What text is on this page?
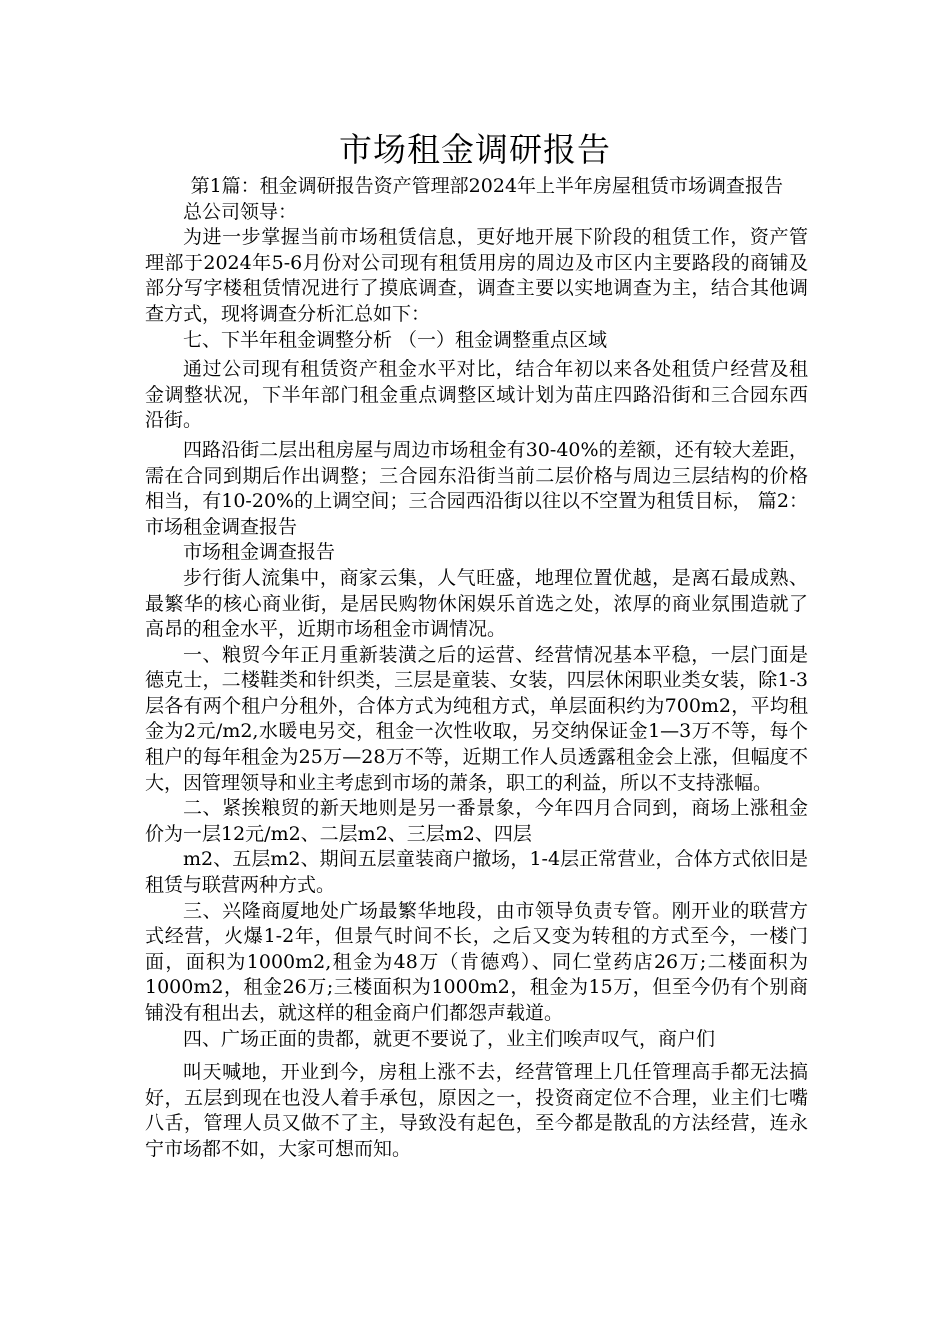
市场租金调研报告

第1篇：租金调研报告资产管理部2024年上半年房屋租赁市场调查报告

总公司领导：

为进一步掌握当前市场租赁信息，更好地开展下阶段的租赁工作，资产管理部于2024年5-6月份对公司现有租赁用房的周边及市区内主要路段的商铺及部分写字楼租赁情况进行了摸底调查，调查主要以实地调查为主，结合其他调查方式，现将调查分析汇总如下：

七、下半年租金调整分析 （一）租金调整重点区域

通过公司现有租赁资产租金水平对比，结合年初以来各处租赁户经营及租金调整状况，下半年部门租金重点调整区域计划为苗庄四路沿街和三合园东西沿街。

四路沿街二层出租房屋与周边市场租金有30-40%的差额，还有较大差距，需在合同到期后作出调整；三合园东沿街当前二层价格与周边三层结构的价格相当，有10-20%的上调空间；三合园西沿街以往以不空置为租赁目标， 篇2：市场租金调查报告

市场租金调查报告

步行街人流集中，商家云集，人气旺盛，地理位置优越，是离石最成熟、最繁华的核心商业街，是居民购物休闲娱乐首选之处，浓厚的商业氛围造就了高昂的租金水平，近期市场租金市调情况。

一、粮贸今年正月重新装潢之后的运营、经营情况基本平稳，一层门面是德克士，二楼鞋类和针织类，三层是童装、女装，四层休闲职业类女装，除1-3层各有两个租户分租外，合体方式为纯租方式，单层面积约为700m2，平均租金为2元/m2,水暖电另交，租金一次性收取，另交纳保证金1—3万不等，每个租户的每年租金为25万—28万不等，近期工作人员透露租金会上涨，但幅度不大，因管理领导和业主考虑到市场的萧条，职工的利益，所以不支持涨幅。

二、紧挨粮贸的新天地则是另一番景象，今年四月合同到，商场上涨租金价为一层12元/m2、二层m2、三层m2、四层

m2、五层m2、期间五层童装商户撤场，1-4层正常营业，合体方式依旧是租赁与联营两种方式。

三、兴隆商厦地处广场最繁华地段，由市领导负责专管。刚开业的联营方式经营，火爆1-2年，但景气时间不长，之后又变为转租的方式至今，一楼门面，面积为1000m2,租金为48万（肯德鸡）、同仁堂药店26万;二楼面积为1000m2，租金26万;三楼面积为1000m2，租金为15万，但至今仍有个别商铺没有租出去，就这样的租金商户们都怨声载道。

四、广场正面的贵都，就更不要说了，业主们唉声叹气，商户们

叫天喊地，开业到今，房租上涨不去，经营管理上几任管理高手都无法搞好，五层到现在也没人着手承包，原因之一，投资商定位不合理，业主们七嘴八舌，管理人员又做不了主，导致没有起色，至今都是散乱的方法经营，连永宁市场都不如，大家可想而知。
